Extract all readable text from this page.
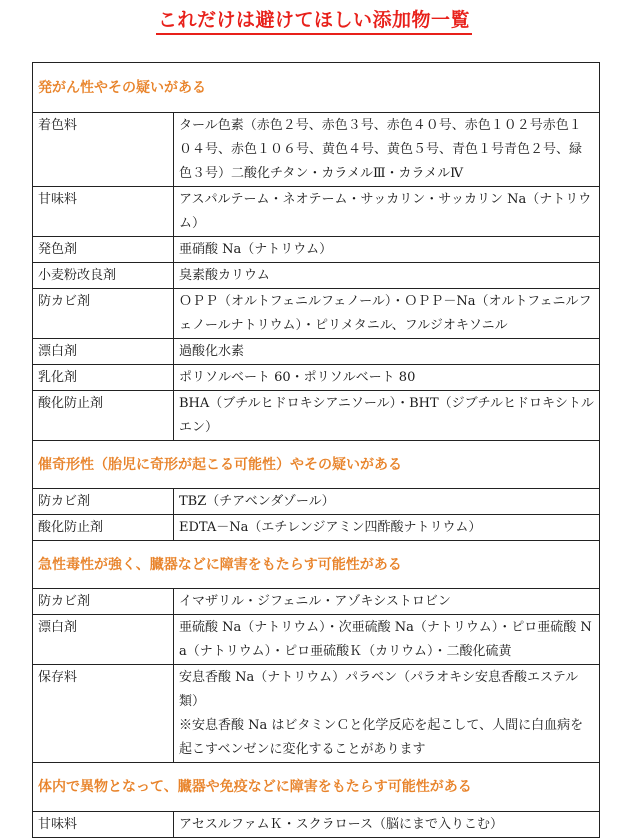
これだけは避けてほしい添加物一覧
発がん性やその疑いがある	
着色料	タール色素（赤色２号、赤色３号、赤色４０号、赤色１０２号赤色１０４号、赤色１０６号、黄色４号、黄色５号、青色１号青色２号、緑色３号）二酸化チタン・カラメルⅢ・カラメルⅣ

甘味料	アスパルテーム・ネオテーム・サッカリン・サッカリン Na（ナトリウム）

発色剤	亜硝酸 Na（ナトリウム）

小麦粉改良剤	臭素酸カリウム

防カビ剤	ＯＰＰ（オルトフェニルフェノール）・ＯＰＰ－Na（オルトフェニルフェノールナトリウム）・ピリメタニル、フルジオキソニル

漂白剤	過酸化水素

乳化剤	ポリソルベート 60・ポリソルベート 80

酸化防止剤	BHA（ブチルヒドロキシアニソール）・BHT（ジブチルヒドロキシトルエン）

催奇形性（胎児に奇形が起こる可能性）やその疑いがある	
防カビ剤	TBZ（チアベンダゾール）

酸化防止剤	EDTA－Na（エチレンジアミン四酢酸ナトリウム）

急性毒性が強く、臓器などに障害をもたらす可能性がある	
防カビ剤	イマザリル・ジフェニル・アゾキシストロビン

漂白剤	亜硫酸 Na（ナトリウム）・次亜硫酸 Na（ナトリウム）・ピロ亜硫酸 Na（ナトリウム）・ピロ亜硫酸Ｋ（カリウム）・二酸化硫黄

保存料	安息香酸 Na（ナトリウム）パラベン（パラオキシ安息香酸エステル類）

※安息香酸 Na はビタミンＣと化学反応を起こして、人間に白血病を起こすベンゼンに変化することがあります

体内で異物となって、臓器や免疫などに障害をもたらす可能性がある	
甘味料	アセスルファムＫ・スクラロース（脳にまで入りこむ）
